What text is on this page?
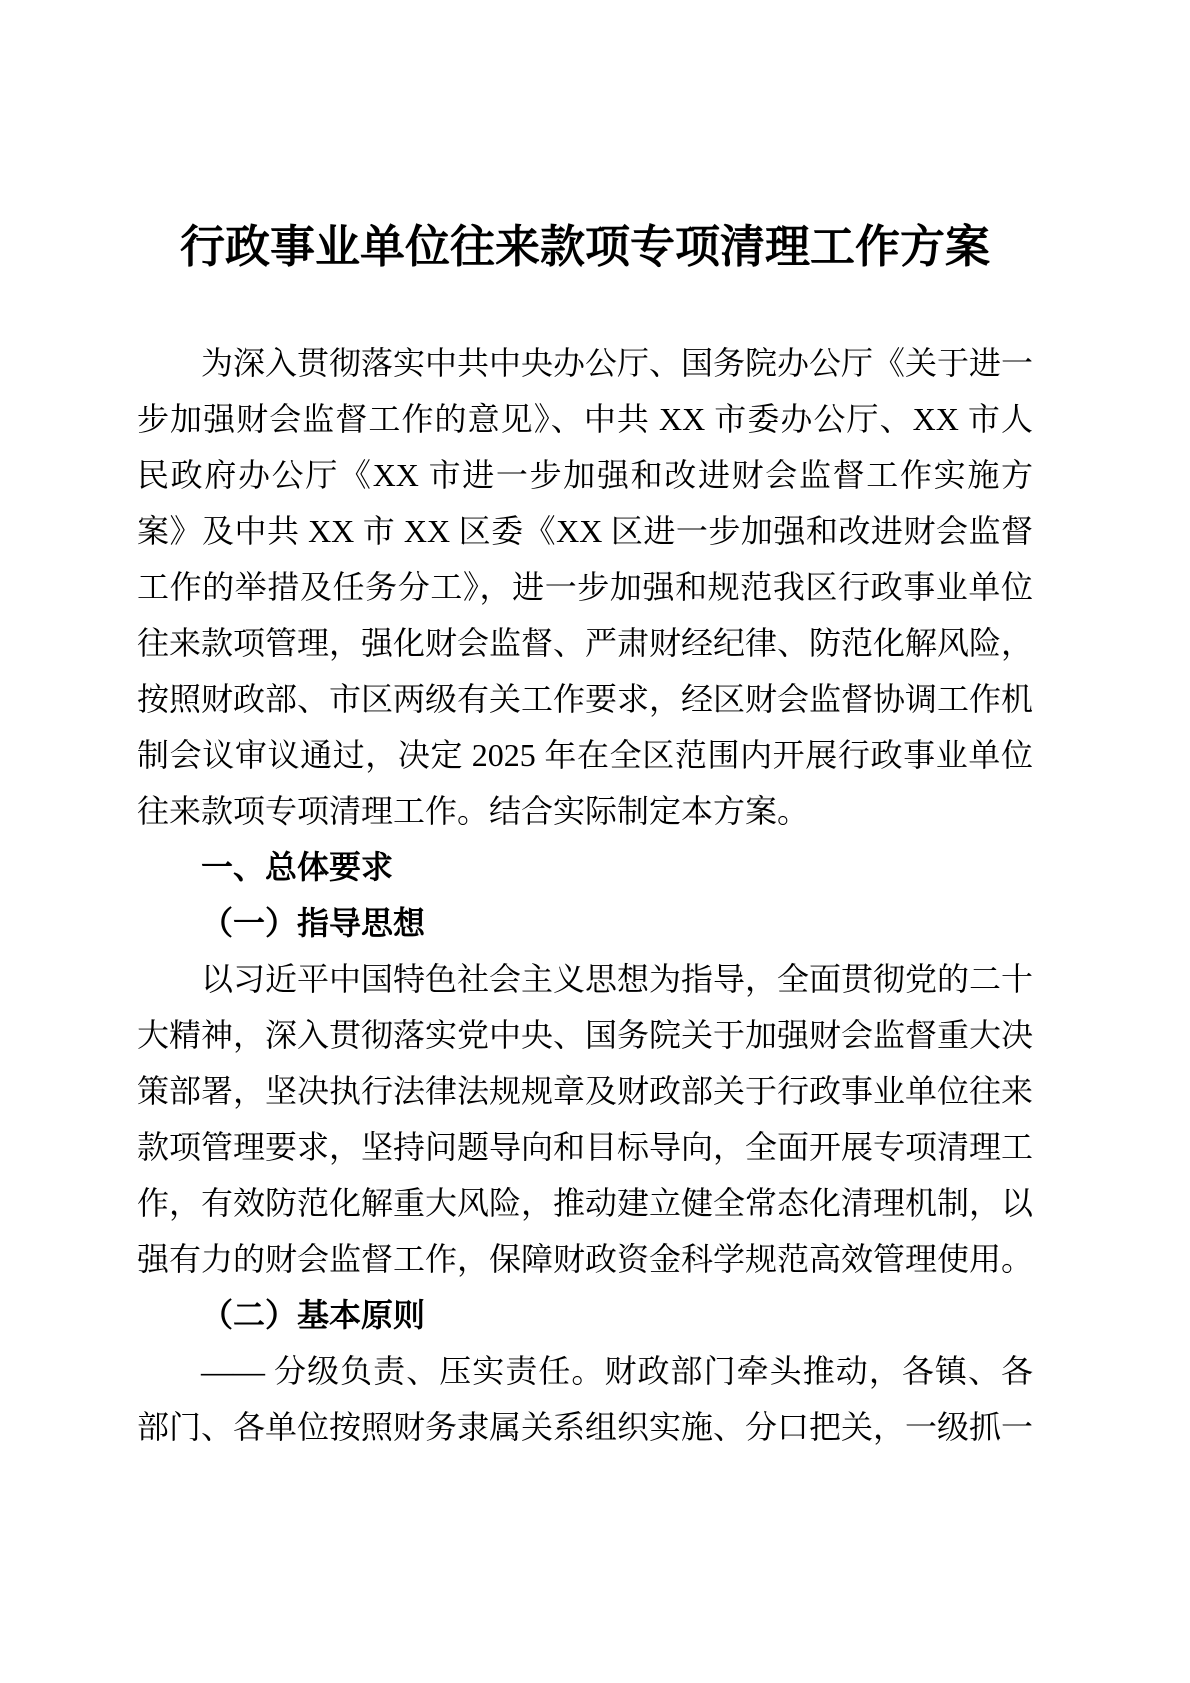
行政事业单位往来款项专项清理工作方案

为深入贯彻落实中共中央办公厅、国务院办公厅《关于进一步加强财会监督工作的意见》、中共 XX 市委办公厅、XX 市人民政府办公厅《XX 市进一步加强和改进财会监督工作实施方案》及中共 XX 市 XX 区委《XX 区进一步加强和改进财会监督工作的举措及任务分工》，进一步加强和规范我区行政事业单位往来款项管理，强化财会监督、严肃财经纪律、防范化解风险，按照财政部、市区两级有关工作要求，经区财会监督协调工作机制会议审议通过，决定 2025 年在全区范围内开展行政事业单位往来款项专项清理工作。结合实际制定本方案。

一、总体要求
（一）指导思想

以习近平中国特色社会主义思想为指导，全面贯彻党的二十大精神，深入贯彻落实党中央、国务院关于加强财会监督重大决策部署，坚决执行法律法规规章及财政部关于行政事业单位往来款项管理要求，坚持问题导向和目标导向，全面开展专项清理工作，有效防范化解重大风险，推动建立健全常态化清理机制，以强有力的财会监督工作，保障财政资金科学规范高效管理使用。

（二）基本原则

—— 分级负责、压实责任。财政部门牵头推动，各镇、各部门、各单位按照财务隶属关系组织实施、分口把关，一级抓一
